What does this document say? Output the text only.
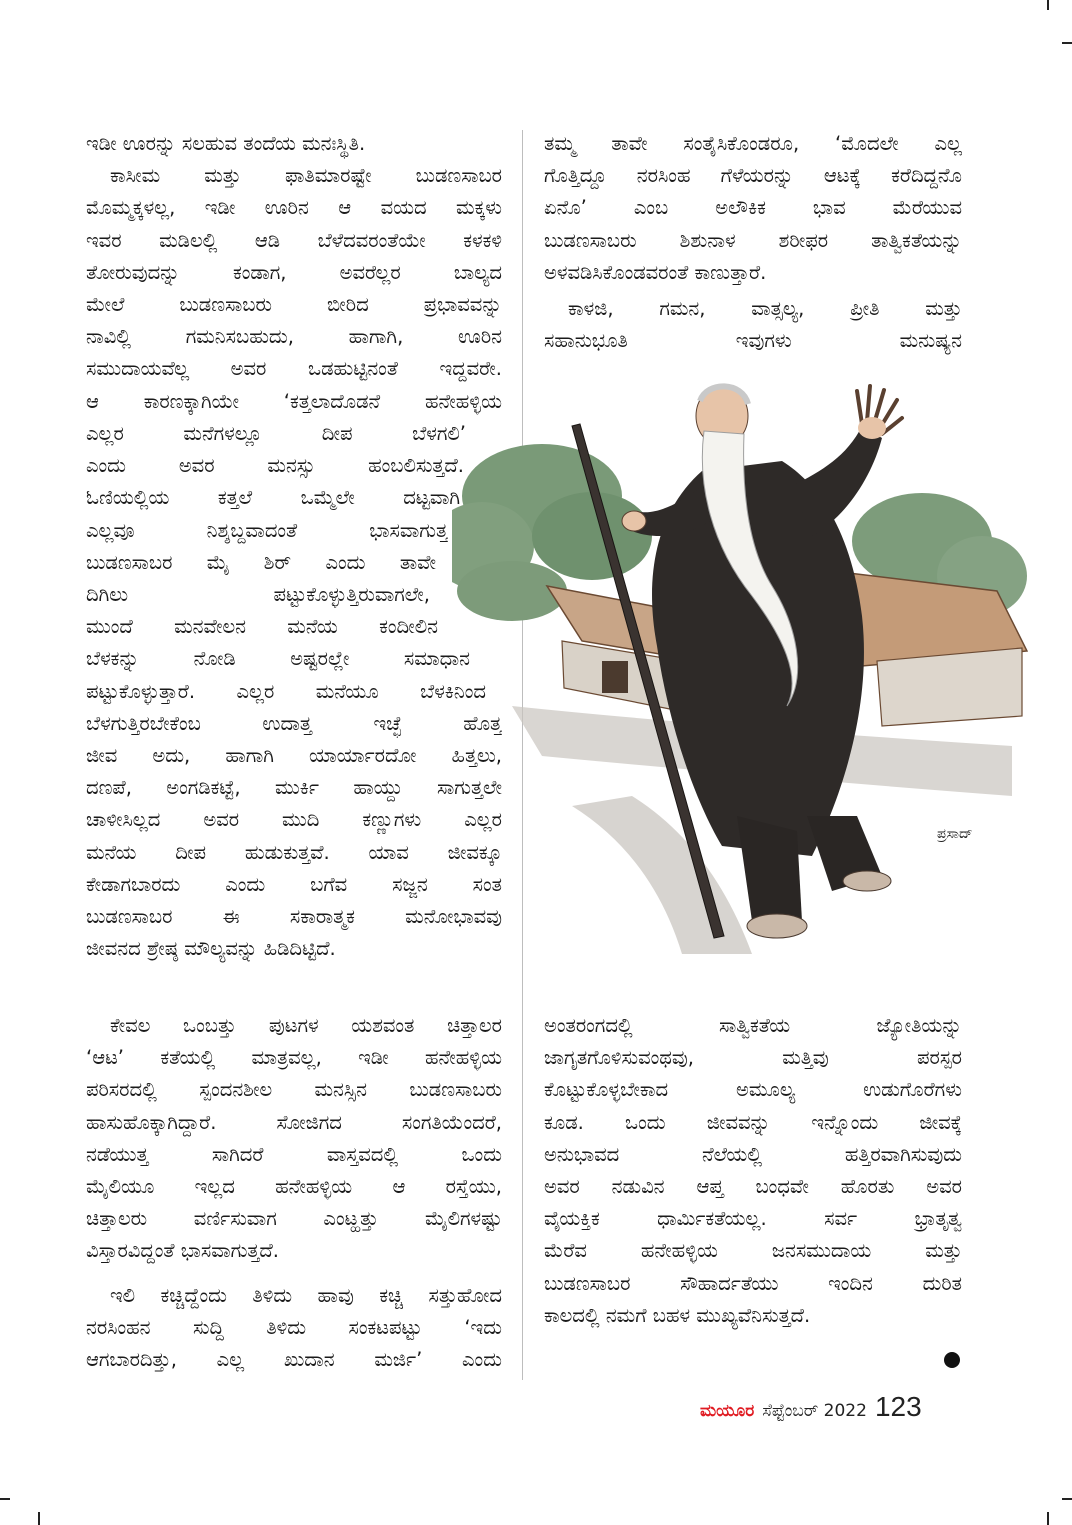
ಇಡೀ ಊರನ್ನು ಸಲಹುವ ತಂದೆಯ ಮನಃಸ್ಥಿತಿ.

ಕಾಸೀಮ ಮತ್ತು ಫಾತಿಮಾರಷ್ಟೇ ಬುಡಣಸಾಬರ

ಮೊಮ್ಮಕ್ಕಳಲ್ಲ, ಇಡೀ ಊರಿನ ಆ ವಯದ ಮಕ್ಕಳು

ಇವರ ಮಡಿಲಲ್ಲಿ ಆಡಿ ಬೆಳೆದವರಂತೆಯೇ ಕಳಕಳಿ

ತೋರುವುದನ್ನು ಕಂಡಾಗ, ಅವರೆಲ್ಲರ ಬಾಲ್ಯದ

ಮೇಲೆ ಬುಡಣಸಾಬರು ಬೀರಿದ ಪ್ರಭಾವವನ್ನು

ನಾವಿಲ್ಲಿ ಗಮನಿಸಬಹುದು, ಹಾಗಾಗಿ, ಊರಿನ

ಸಮುದಾಯವೆಲ್ಲ ಅವರ ಒಡಹುಟ್ಟಿನಂತೆ ಇದ್ದವರೇ.

ಆ ಕಾರಣಕ್ಕಾಗಿಯೇ ‘ಕತ್ತಲಾದೊಡನೆ ಹನೇಹಳ್ಳಿಯ

ಎಲ್ಲರ ಮನೆಗಳಲ್ಲೂ ದೀಪ ಬೆಳಗಲಿ’

ಎಂದು ಅವರ ಮನಸ್ಸು ಹಂಬಲಿಸುತ್ತದೆ.

ಓಣಿಯಲ್ಲಿಯ ಕತ್ತಲೆ ಒಮ್ಮೆಲೇ ದಟ್ಟವಾಗಿ

ಎಲ್ಲವೂ ನಿಶ್ಶಬ್ದವಾದಂತೆ ಭಾಸವಾಗುತ್ತ

ಬುಡಣಸಾಬರ ಮೈ ಶಿರ್ ಎಂದು ತಾವೇ

ದಿಗಿಲು ಪಟ್ಟುಕೊಳ್ಳುತ್ತಿರುವಾಗಲೇ,

ಮುಂದೆ ಮನವೇಲನ ಮನೆಯ ಕಂದೀಲಿನ

ಬೆಳಕನ್ನು ನೋಡಿ ಅಷ್ಟರಲ್ಲೇ ಸಮಾಧಾನ

ಪಟ್ಟುಕೊಳ್ಳುತ್ತಾರೆ. ಎಲ್ಲರ ಮನೆಯೂ ಬೆಳಕಿನಿಂದ

ಬೆಳಗುತ್ತಿರಬೇಕೆಂಬ ಉದಾತ್ತ ಇಚ್ಛೆ ಹೊತ್ತ

ಜೀವ ಅದು, ಹಾಗಾಗಿ ಯಾರ್ಯಾರದೋ ಹಿತ್ತಲು,

ದಣಪೆ, ಅಂಗಡಿಕಟ್ಟೆ, ಮುರ್ಕಿ ಹಾಯ್ದು ಸಾಗುತ್ತಲೇ

ಚಾಳೀಸಿಲ್ಲದ ಅವರ ಮುದಿ ಕಣ್ಣುಗಳು ಎಲ್ಲರ

ಮನೆಯ ದೀಪ ಹುಡುಕುತ್ತವೆ. ಯಾವ ಜೀವಕ್ಕೂ

ಕೇಡಾಗಬಾರದು ಎಂದು ಬಗೆವ ಸಜ್ಜನ ಸಂತ

ಬುಡಣಸಾಬರ ಈ ಸಕಾರಾತ್ಮಕ ಮನೋಭಾವವು

ಜೀವನದ ಶ್ರೇಷ್ಠ ಮೌಲ್ಯವನ್ನು ಹಿಡಿದಿಟ್ಟಿದೆ.

ಕೇವಲ ಒಂಬತ್ತು ಪುಟಗಳ ಯಶವಂತ ಚಿತ್ತಾಲರ

‘ಆಟ’ ಕತೆಯಲ್ಲಿ ಮಾತ್ರವಲ್ಲ, ಇಡೀ ಹನೇಹಳ್ಳಿಯ

ಪರಿಸರದಲ್ಲಿ ಸ್ಪಂದನಶೀಲ ಮನಸ್ಸಿನ ಬುಡಣಸಾಬರು

ಹಾಸುಹೊಕ್ಕಾಗಿದ್ದಾರೆ. ಸೋಜಿಗದ ಸಂಗತಿಯೆಂದರೆ,

ನಡೆಯುತ್ತ ಸಾಗಿದರೆ ವಾಸ್ತವದಲ್ಲಿ ಒಂದು

ಮೈಲಿಯೂ ಇಲ್ಲದ ಹನೇಹಳ್ಳಿಯ ಆ ರಸ್ತೆಯು,

ಚಿತ್ತಾಲರು ವರ್ಣಿಸುವಾಗ ಎಂಟ್ಹತ್ತು ಮೈಲಿಗಳಷ್ಟು

ವಿಸ್ತಾರವಿದ್ದಂತೆ ಭಾಸವಾಗುತ್ತದೆ.

ಇಲಿ ಕಚ್ಚಿದ್ದೆಂದು ತಿಳಿದು ಹಾವು ಕಚ್ಚಿ ಸತ್ತುಹೋದ

ನರಸಿಂಹನ ಸುದ್ದಿ ತಿಳಿದು ಸಂಕಟಪಟ್ಟು ‘ಇದು

ಆಗಬಾರದಿತ್ತು, ಎಲ್ಲ ಖುದಾನ ಮರ್ಜಿ’ ಎಂದು

ತಮ್ಮ ತಾವೇ ಸಂತೈಸಿಕೊಂಡರೂ, ‘ಮೊದಲೇ ಎಲ್ಲ

ಗೊತ್ತಿದ್ದೂ ನರಸಿಂಹ ಗೆಳೆಯರನ್ನು ಆಟಕ್ಕೆ ಕರೆದಿದ್ದನೊ

ಏನೊ’ ಎಂಬ ಅಲೌಕಿಕ ಭಾವ ಮೆರೆಯುವ

ಬುಡಣಸಾಬರು ಶಿಶುನಾಳ ಶರೀಫರ ತಾತ್ವಿಕತೆಯನ್ನು

ಅಳವಡಿಸಿಕೊಂಡವರಂತೆ ಕಾಣುತ್ತಾರೆ.

ಕಾಳಜಿ, ಗಮನ, ವಾತ್ಸಲ್ಯ, ಪ್ರೀತಿ ಮತ್ತು

ಸಹಾನುಭೂತಿ ಇವುಗಳು ಮನುಷ್ಯನ

ಪ್ರಸಾದ್

ಅಂತರಂಗದಲ್ಲಿ ಸಾತ್ವಿಕತೆಯ ಜ್ಯೋತಿಯನ್ನು

ಜಾಗೃತಗೊಳಿಸುವಂಥವು, ಮತ್ತಿವು ಪರಸ್ಪರ

ಕೊಟ್ಟುಕೊಳ್ಳಬೇಕಾದ ಅಮೂಲ್ಯ ಉಡುಗೊರೆಗಳು

ಕೂಡ. ಒಂದು ಜೀವವನ್ನು ಇನ್ನೊಂದು ಜೀವಕ್ಕೆ

ಅನುಭಾವದ ನೆಲೆಯಲ್ಲಿ ಹತ್ತಿರವಾಗಿಸುವುದು

ಅವರ ನಡುವಿನ ಆಪ್ತ ಬಂಧವೇ ಹೊರತು ಅವರ

ವೈಯಕ್ತಿಕ ಧಾರ್ಮಿಕತೆಯಲ್ಲ. ಸರ್ವ ಭ್ರಾತೃತ್ವ

ಮೆರೆವ ಹನೇಹಳ್ಳಿಯ ಜನಸಮುದಾಯ ಮತ್ತು

ಬುಡಣಸಾಬರ ಸೌಹಾರ್ದತೆಯು ಇಂದಿನ ದುರಿತ

ಕಾಲದಲ್ಲಿ ನಮಗೆ ಬಹಳ ಮುಖ್ಯವೆನಿಸುತ್ತದೆ.

ಮಯೂರ ಸೆಪ್ಟೆಂಬರ್ 2022 123
